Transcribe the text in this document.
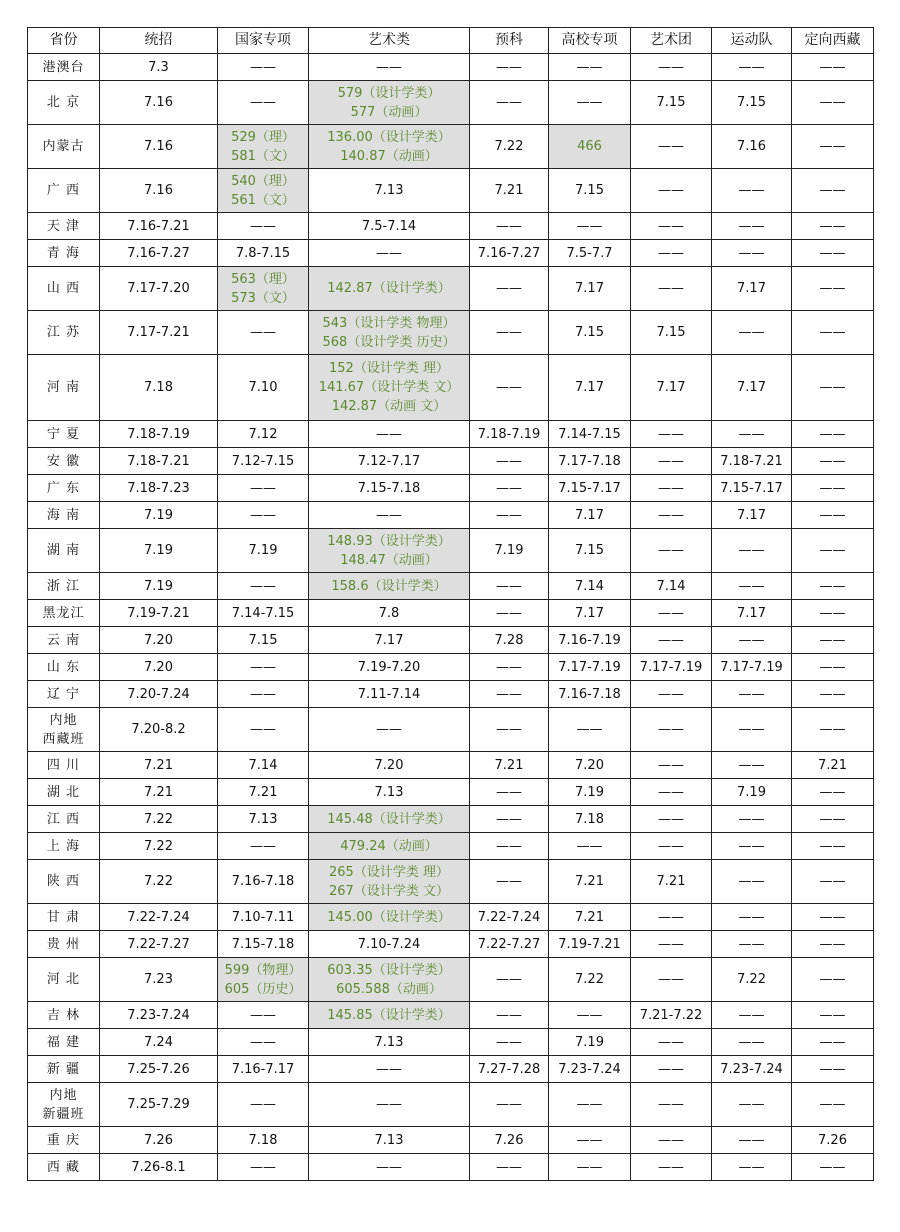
省份	统招	国家专项	艺术类	预科	高校专项	艺术团	运动队	定向西藏

港澳台	7.3	——	——	——	——	——	——	——

北 京	7.16	——	579（设计学类）
577（动画）	——	——	7.15	7.15	——

内蒙古	7.16	529（理）
581（文）	136.00（设计学类）
140.87（动画）	7.22	466	——	7.16	——

广 西	7.16	540（理）
561（文）	7.13	7.21	7.15	——	——	——

天 津	7.16-7.21	——	7.5-7.14	——	——	——	——	——

青 海	7.16-7.27	7.8-7.15	——	7.16-7.27	7.5-7.7	——	——	——

山 西	7.17-7.20	563（理）
573（文）	142.87（设计学类）	——	7.17	——	7.17	——

江 苏	7.17-7.21	——	543（设计学类 物理）
568（设计学类 历史）	——	7.15	7.15	——	——

河 南	7.18	7.10	152（设计学类 理）
141.67（设计学类 文）
142.87（动画 文）	——	7.17	7.17	7.17	——

宁 夏	7.18-7.19	7.12	——	7.18-7.19	7.14-7.15	——	——	——

安 徽	7.18-7.21	7.12-7.15	7.12-7.17	——	7.17-7.18	——	7.18-7.21	——

广 东	7.18-7.23	——	7.15-7.18	——	7.15-7.17	——	7.15-7.17	——

海 南	7.19	——	——	——	7.17	——	7.17	——

湖 南	7.19	7.19	148.93（设计学类）
148.47（动画）	7.19	7.15	——	——	——

浙 江	7.19	——	158.6（设计学类）	——	7.14	7.14	——	——

黑龙江	7.19-7.21	7.14-7.15	7.8	——	7.17	——	7.17	——

云 南	7.20	7.15	7.17	7.28	7.16-7.19	——	——	——

山 东	7.20	——	7.19-7.20	——	7.17-7.19	7.17-7.19	7.17-7.19	——

辽 宁	7.20-7.24	——	7.11-7.14	——	7.16-7.18	——	——	——

内地
西藏班	7.20-8.2	——	——	——	——	——	——	——

四 川	7.21	7.14	7.20	7.21	7.20	——	——	7.21

湖 北	7.21	7.21	7.13	——	7.19	——	7.19	——

江 西	7.22	7.13	145.48（设计学类）	——	7.18	——	——	——

上 海	7.22	——	479.24（动画）	——	——	——	——	——

陕 西	7.22	7.16-7.18	265（设计学类 理）
267（设计学类 文）	——	7.21	7.21	——	——

甘 肃	7.22-7.24	7.10-7.11	145.00（设计学类）	7.22-7.24	7.21	——	——	——

贵 州	7.22-7.27	7.15-7.18	7.10-7.24	7.22-7.27	7.19-7.21	——	——	——

河 北	7.23	599（物理）
605（历史）	603.35（设计学类）
605.588（动画）	——	7.22	——	7.22	——

吉 林	7.23-7.24	——	145.85（设计学类）	——	——	7.21-7.22	——	——

福 建	7.24	——	7.13	——	7.19	——	——	——

新 疆	7.25-7.26	7.16-7.17	——	7.27-7.28	7.23-7.24	——	7.23-7.24	——

内地
新疆班	7.25-7.29	——	——	——	——	——	——	——

重 庆	7.26	7.18	7.13	7.26	——	——	——	7.26

西 藏	7.26-8.1	——	——	——	——	——	——	——
